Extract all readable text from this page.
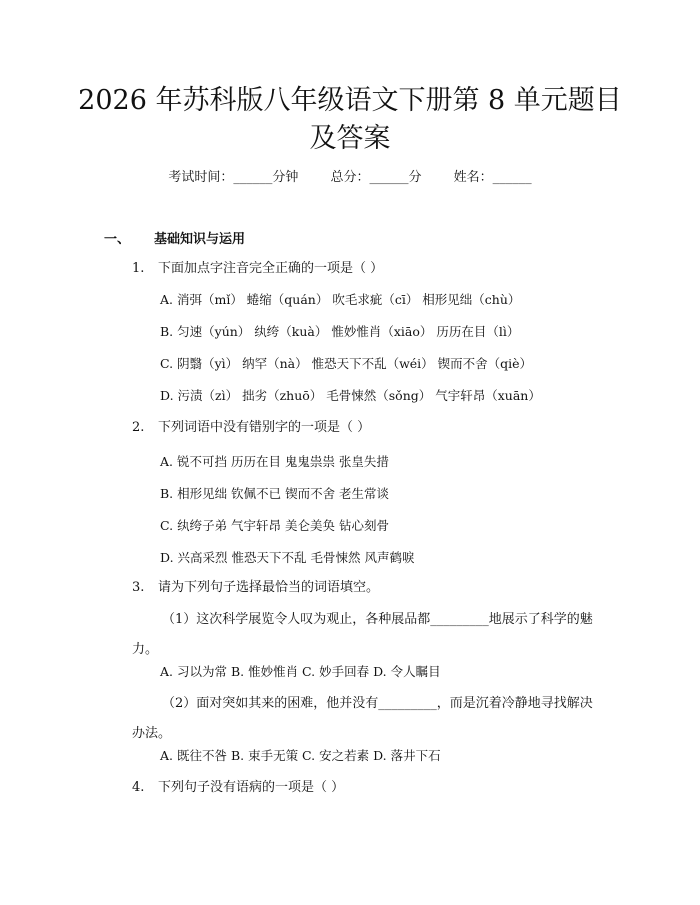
2026 年苏科版八年级语文下册第 8 单元题目
及答案
考试时间：______分钟 总分：______分 姓名：______
一、 基础知识与运用
1. 下面加点字注音完全正确的一项是（ ）
A. 消弭（mǐ） 蜷缩（quán） 吹毛求疵（cī） 相形见绌（chù）
B. 匀速（yún） 纨绔（kuà） 惟妙惟肖（xiāo） 历历在目（lì）
C. 阴翳（yì） 纳罕（nà） 惟恐天下不乱（wéi） 锲而不舍（qiè）
D. 污渍（zì） 拙劣（zhuō） 毛骨悚然（sǒng） 气宇轩昂（xuān）
2. 下列词语中没有错别字的一项是（ ）
A. 锐不可挡 历历在目 鬼鬼祟祟 张皇失措
B. 相形见绌 钦佩不已 锲而不舍 老生常谈
C. 纨绔子弟 气宇轩昂 美仑美奂 钻心刻骨
D. 兴高采烈 惟恐天下不乱 毛骨悚然 风声鹤唳
3. 请为下列句子选择最恰当的词语填空。
（1）这次科学展览令人叹为观止，各种展品都_________地展示了科学的魅力。
A. 习以为常 B. 惟妙惟肖 C. 妙手回春 D. 令人瞩目
（2）面对突如其来的困难，他并没有_________，而是沉着冷静地寻找解决办法。
A. 既往不咎 B. 束手无策 C. 安之若素 D. 落井下石
4. 下列句子没有语病的一项是（ ）
